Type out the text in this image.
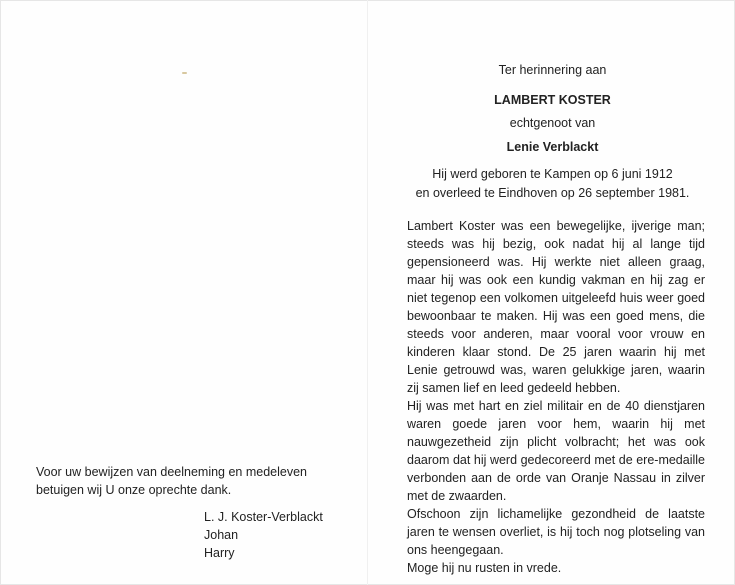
Ter herinnering aan
LAMBERT KOSTER
echtgenoot van
Lenie Verblackt
Hij werd geboren te Kampen op 6 juni 1912
en overleed te Eindhoven op 26 september 1981.

Lambert Koster was een bewegelijke, ijverige man; steeds was hij bezig, ook nadat hij al lange tijd gepensioneerd was. Hij werkte niet alleen graag, maar hij was ook een kundig vakman en hij zag er niet tegenop een volkomen uitgeleefd huis weer goed bewoonbaar te maken. Hij was een goed mens, die steeds voor anderen, maar vooral voor vrouw en kinderen klaar stond. De 25 jaren waarin hij met Lenie getrouwd was, waren gelukkige jaren, waarin zij samen lief en leed gedeeld hebben.

Hij was met hart en ziel militair en de 40 dienstjaren waren goede jaren voor hem, waarin hij met nauwgezetheid zijn plicht volbracht; het was ook daarom dat hij werd gedecoreerd met de ere-medaille verbonden aan de orde van Oranje Nassau in zilver met de zwaarden.

Ofschoon zijn lichamelijke gezondheid de laatste jaren te wensen overliet, is hij toch nog plotseling van ons heengegaan.

Moge hij nu rusten in vrede.

Voor uw bewijzen van deelneming en medeleven betuigen wij U onze oprechte dank.

L. J. Koster-Verblackt
Johan
Harry
